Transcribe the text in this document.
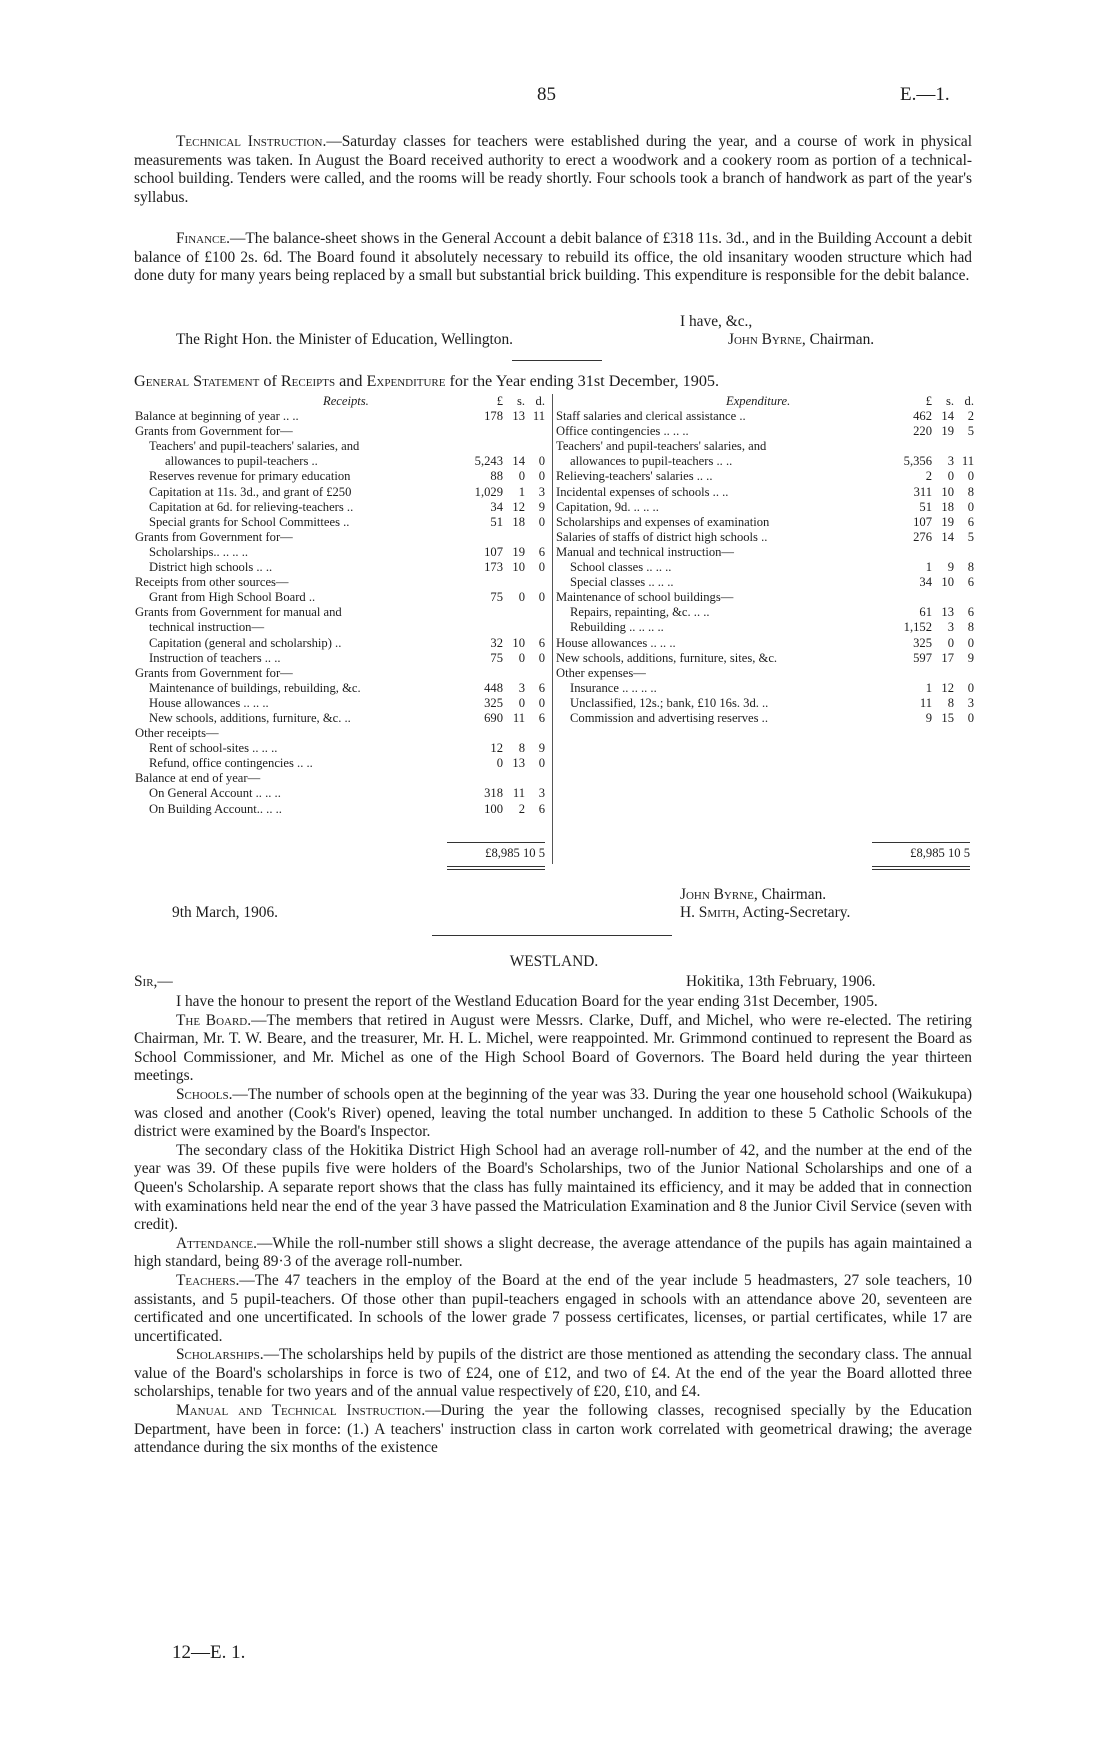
85	E.—1.

Technical Instruction.—Saturday classes for teachers were established during the year, and a course of work in physical measurements was taken. In August the Board received authority to erect a woodwork and a cookery room as portion of a technical-school building. Tenders were called, and the rooms will be ready shortly. Four schools took a branch of handwork as part of the year's syllabus.

Finance.—The balance-sheet shows in the General Account a debit balance of £318 11s. 3d., and in the Building Account a debit balance of £100 2s. 6d. The Board found it absolutely necessary to rebuild its office, the old insanitary wooden structure which had done duty for many years being replaced by a small but substantial brick building. This expenditure is responsible for the debit balance.

I have, &c.,
The Right Hon. the Minister of Education, Wellington.	John Byrne, Chairman.
General Statement of Receipts and Expenditure for the Year ending 31st December, 1905.
Receipts.	£	s.	d.
Balance at beginning of year .. ..	178	13	11
Grants from Government for—			
Teachers' and pupil-teachers' salaries, and			
allowances to pupil-teachers ..	5,243	14	0
Reserves revenue for primary education	88	0	0
Capitation at 11s. 3d., and grant of £250	1,029	1	3
Capitation at 6d. for relieving-teachers ..	34	12	9
Special grants for School Committees ..	51	18	0
Grants from Government for—			
Scholarships.. .. .. ..	107	19	6
District high schools .. ..	173	10	0
Receipts from other sources—			
Grant from High School Board ..	75	0	0
Grants from Government for manual and			
technical instruction—			
Capitation (general and scholarship) ..	32	10	6
Instruction of teachers .. ..	75	0	0
Grants from Government for—			
Maintenance of buildings, rebuilding, &c.	448	3	6
House allowances .. .. ..	325	0	0
New schools, additions, furniture, &c. ..	690	11	6
Other receipts—			
Rent of school-sites .. .. ..	12	8	9
Refund, office contingencies .. ..	0	13	0
Balance at end of year—			
On General Account .. .. ..	318	11	3
On Building Account.. .. ..	100	2	6
Expenditure.	£	s.	d.
Staff salaries and clerical assistance ..	462	14	2
Office contingencies .. .. ..	220	19	5
Teachers' and pupil-teachers' salaries, and			
allowances to pupil-teachers .. ..	5,356	3	11
Relieving-teachers' salaries .. ..	2	0	0
Incidental expenses of schools .. ..	311	10	8
Capitation, 9d. .. .. ..	51	18	0
Scholarships and expenses of examination	107	19	6
Salaries of staffs of district high schools ..	276	14	5
Manual and technical instruction—			
School classes .. .. ..	1	9	8
Special classes .. .. ..	34	10	6
Maintenance of school buildings—			
Repairs, repainting, &c. .. ..	61	13	6
Rebuilding .. .. .. ..	1,152	3	8
House allowances .. .. ..	325	0	0
New schools, additions, furniture, sites, &c.	597	17	9
Other expenses—			
Insurance .. .. .. ..	1	12	0
Unclassified, 12s.; bank, £10 16s. 3d. ..	11	8	3
Commission and advertising reserves ..	9	15	0
£8,985 10 5	£8,985 10 5
John Byrne, Chairman.
9th March, 1906.	H. Smith, Acting-Secretary.
WESTLAND.
Sir,—	Hokitika, 13th February, 1906.

I have the honour to present the report of the Westland Education Board for the year ending 31st December, 1905.

The Board.—The members that retired in August were Messrs. Clarke, Duff, and Michel, who were re-elected. The retiring Chairman, Mr. T. W. Beare, and the treasurer, Mr. H. L. Michel, were reappointed. Mr. Grimmond continued to represent the Board as School Commissioner, and Mr. Michel as one of the High School Board of Governors. The Board held during the year thirteen meetings.

Schools.—The number of schools open at the beginning of the year was 33. During the year one household school (Waikukupa) was closed and another (Cook's River) opened, leaving the total number unchanged. In addition to these 5 Catholic Schools of the district were examined by the Board's Inspector.

The secondary class of the Hokitika District High School had an average roll-number of 42, and the number at the end of the year was 39. Of these pupils five were holders of the Board's Scholarships, two of the Junior National Scholarships and one of a Queen's Scholarship. A separate report shows that the class has fully maintained its efficiency, and it may be added that in connection with examinations held near the end of the year 3 have passed the Matriculation Examination and 8 the Junior Civil Service (seven with credit).

Attendance.—While the roll-number still shows a slight decrease, the average attendance of the pupils has again maintained a high standard, being 89·3 of the average roll-number.

Teachers.—The 47 teachers in the employ of the Board at the end of the year include 5 headmasters, 27 sole teachers, 10 assistants, and 5 pupil-teachers. Of those other than pupil-teachers engaged in schools with an attendance above 20, seventeen are certificated and one uncertificated. In schools of the lower grade 7 possess certificates, licenses, or partial certificates, while 17 are uncertificated.

Scholarships.—The scholarships held by pupils of the district are those mentioned as attending the secondary class. The annual value of the Board's scholarships in force is two of £24, one of £12, and two of £4. At the end of the year the Board allotted three scholarships, tenable for two years and of the annual value respectively of £20, £10, and £4.

Manual and Technical Instruction.—During the year the following classes, recognised specially by the Education Department, have been in force: (1.) A teachers' instruction class in carton work correlated with geometrical drawing; the average attendance during the six months of the existence

12—E. 1.
